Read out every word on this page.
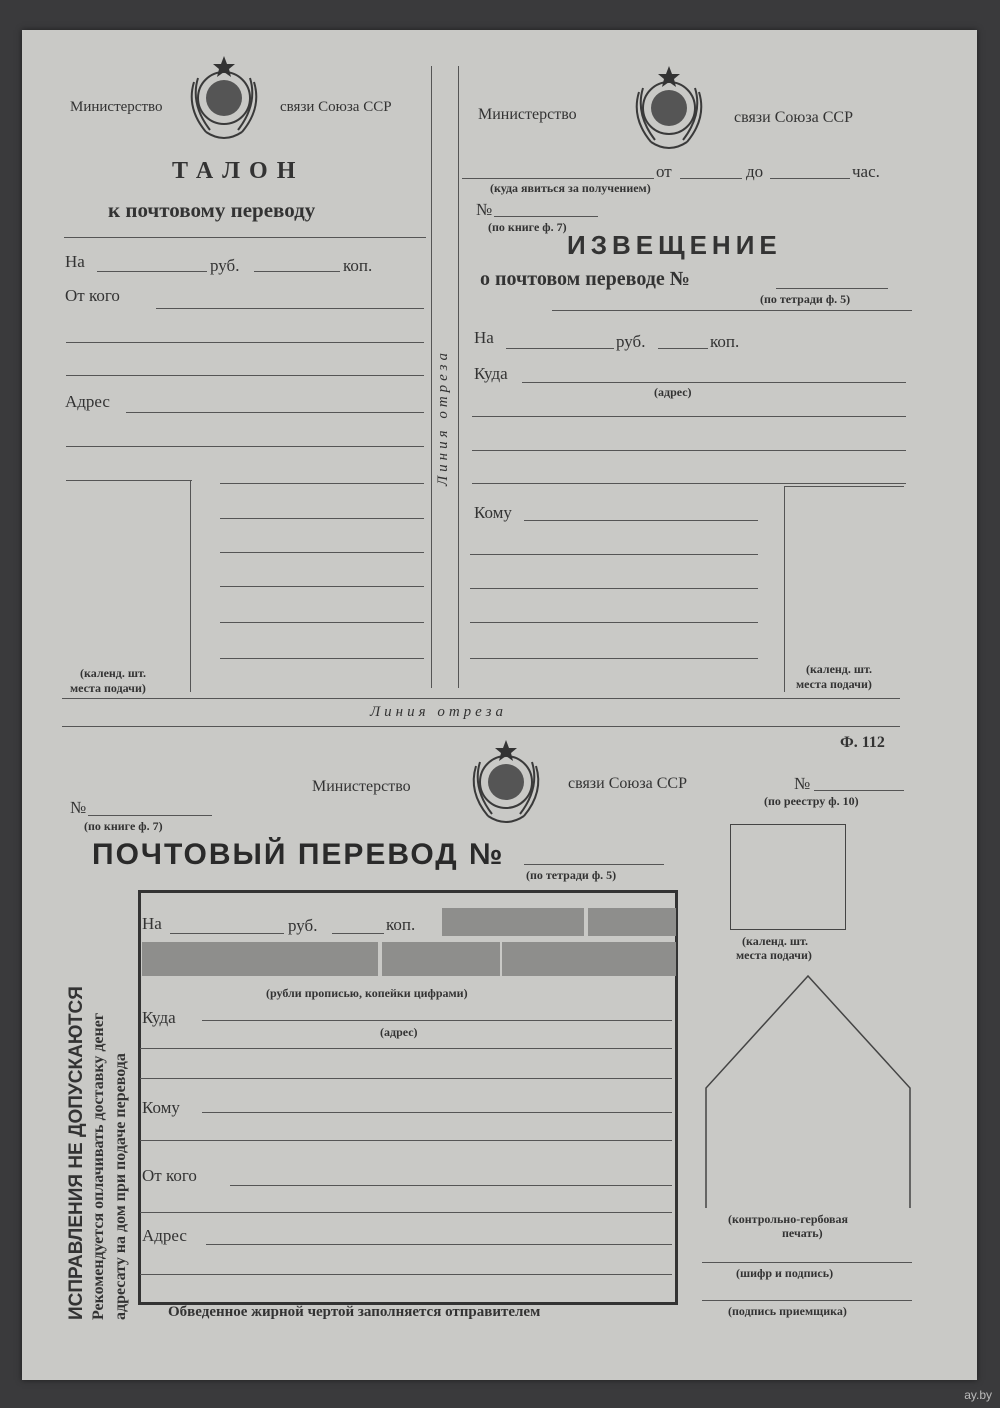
Министерство	связи Союза ССР
ТАЛОН
к почтовому переводу
На	руб.	коп.
От кого
Адрес
(календ. шт.
места подачи)
Линия отреза
Министерство	связи Союза ССР
от	до	час.
(куда явиться за получением)
№
(по книге ф. 7)
ИЗВЕЩЕНИЕ
о почтовом переводе №
(по тетради ф. 5)
На	руб.	коп.
Куда
(адрес)
Кому
(календ. шт.
места подачи)
Линия отреза
Ф. 112
Министерство	связи Союза ССР	№
(по реестру ф. 10)
№
(по книге ф. 7)
ПОЧТОВЫЙ ПЕРЕВОД №
(по тетради ф. 5)
ИСПРАВЛЕНИЯ НЕ ДОПУСКАЮТСЯ Рекомендуется оплачивать доставку денег адресату на дом при подаче перевода
На	руб.	коп.
(рубли прописью, копейки цифрами)
Куда
(адрес)
Кому
От кого
Адрес
Обведенное жирной чертой заполняется отправителем
(календ. шт.
места подачи)
(контрольно-гербовая
печать)
(шифр и подпись)
(подпись приемщика)
ay.by
